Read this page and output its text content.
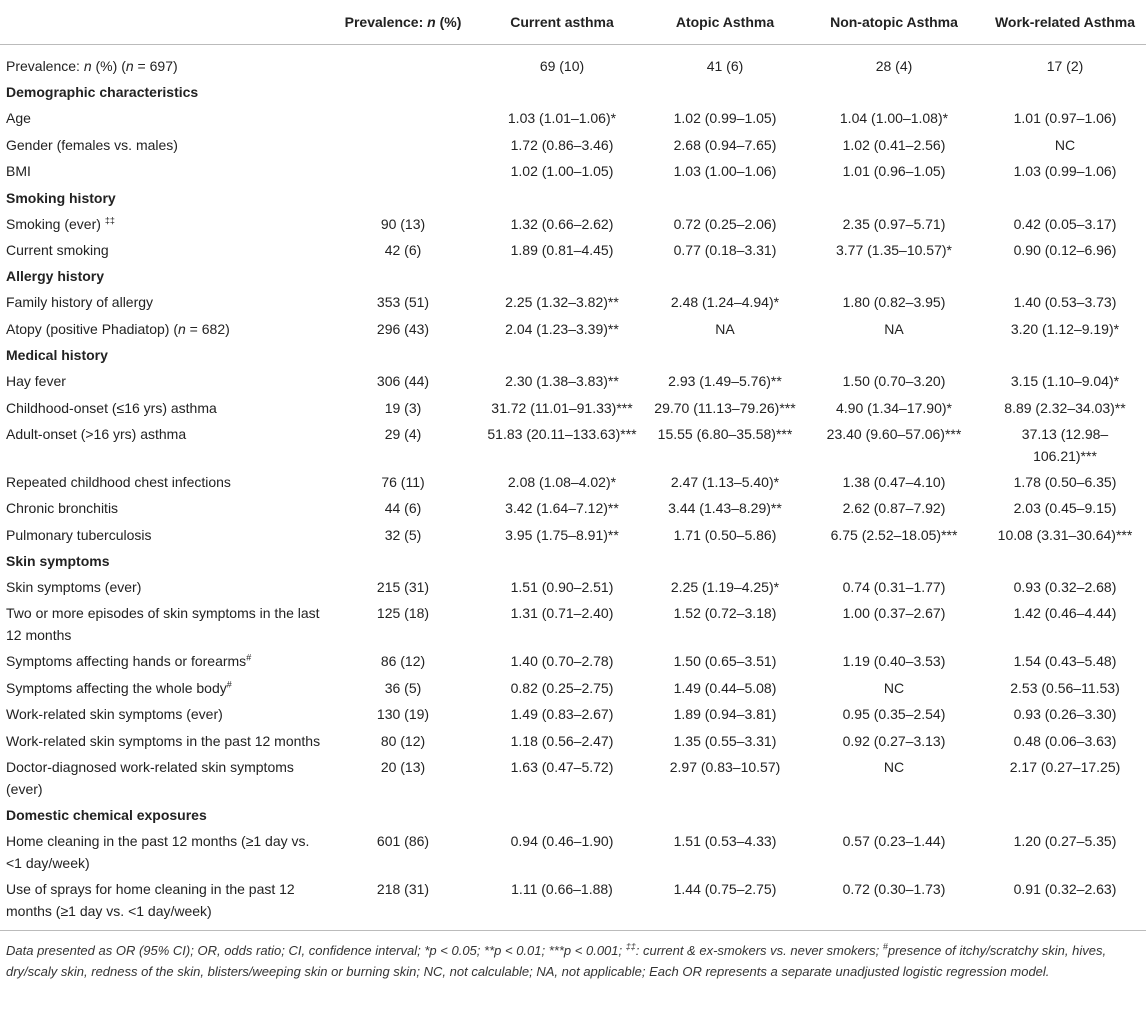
	Prevalence: n (%)	Current asthma	Atopic Asthma	Non-atopic Asthma	Work-related Asthma
Prevalence: n (%) (n = 697)		69 (10)	41 (6)	28 (4)	17 (2)
Demographic characteristics					
Age		1.03 (1.01–1.06)*	1.02 (0.99–1.05)	1.04 (1.00–1.08)*	1.01 (0.97–1.06)
Gender (females vs. males)		1.72 (0.86–3.46)	2.68 (0.94–7.65)	1.02 (0.41–2.56)	NC
BMI		1.02 (1.00–1.05)	1.03 (1.00–1.06)	1.01 (0.96–1.05)	1.03 (0.99–1.06)
Smoking history					
Smoking (ever) ‡‡	90 (13)	1.32 (0.66–2.62)	0.72 (0.25–2.06)	2.35 (0.97–5.71)	0.42 (0.05–3.17)
Current smoking	42 (6)	1.89 (0.81–4.45)	0.77 (0.18–3.31)	3.77 (1.35–10.57)*	0.90 (0.12–6.96)
Allergy history					
Family history of allergy	353 (51)	2.25 (1.32–3.82)**	2.48 (1.24–4.94)*	1.80 (0.82–3.95)	1.40 (0.53–3.73)
Atopy (positive Phadiatop) (n = 682)	296 (43)	2.04 (1.23–3.39)**	NA	NA	3.20 (1.12–9.19)*
Medical history					
Hay fever	306 (44)	2.30 (1.38–3.83)**	2.93 (1.49–5.76)**	1.50 (0.70–3.20)	3.15 (1.10–9.04)*
Childhood-onset (≤16 yrs) asthma	19 (3)	31.72 (11.01–91.33)***	29.70 (11.13–79.26)***	4.90 (1.34–17.90)*	8.89 (2.32–34.03)**
Adult-onset (>16 yrs) asthma	29 (4)	51.83 (20.11–133.63)***	15.55 (6.80–35.58)***	23.40 (9.60–57.06)***	37.13 (12.98–106.21)***
Repeated childhood chest infections	76 (11)	2.08 (1.08–4.02)*	2.47 (1.13–5.40)*	1.38 (0.47–4.10)	1.78 (0.50–6.35)
Chronic bronchitis	44 (6)	3.42 (1.64–7.12)**	3.44 (1.43–8.29)**	2.62 (0.87–7.92)	2.03 (0.45–9.15)
Pulmonary tuberculosis	32 (5)	3.95 (1.75–8.91)**	1.71 (0.50–5.86)	6.75 (2.52–18.05)***	10.08 (3.31–30.64)***
Skin symptoms					
Skin symptoms (ever)	215 (31)	1.51 (0.90–2.51)	2.25 (1.19–4.25)*	0.74 (0.31–1.77)	0.93 (0.32–2.68)
Two or more episodes of skin symptoms in the last 12 months	125 (18)	1.31 (0.71–2.40)	1.52 (0.72–3.18)	1.00 (0.37–2.67)	1.42 (0.46–4.44)
Symptoms affecting hands or forearms#	86 (12)	1.40 (0.70–2.78)	1.50 (0.65–3.51)	1.19 (0.40–3.53)	1.54 (0.43–5.48)
Symptoms affecting the whole body#	36 (5)	0.82 (0.25–2.75)	1.49 (0.44–5.08)	NC	2.53 (0.56–11.53)
Work-related skin symptoms (ever)	130 (19)	1.49 (0.83–2.67)	1.89 (0.94–3.81)	0.95 (0.35–2.54)	0.93 (0.26–3.30)
Work-related skin symptoms in the past 12 months	80 (12)	1.18 (0.56–2.47)	1.35 (0.55–3.31)	0.92 (0.27–3.13)	0.48 (0.06–3.63)
Doctor-diagnosed work-related skin symptoms (ever)	20 (13)	1.63 (0.47–5.72)	2.97 (0.83–10.57)	NC	2.17 (0.27–17.25)
Domestic chemical exposures					
Home cleaning in the past 12 months (≥1 day vs. <1 day/week)	601 (86)	0.94 (0.46–1.90)	1.51 (0.53–4.33)	0.57 (0.23–1.44)	1.20 (0.27–5.35)
Use of sprays for home cleaning in the past 12 months (≥1 day vs. <1 day/week)	218 (31)	1.11 (0.66–1.88)	1.44 (0.75–2.75)	0.72 (0.30–1.73)	0.91 (0.32–2.63)
Data presented as OR (95% CI); OR, odds ratio; CI, confidence interval; *p < 0.05; **p < 0.01; ***p < 0.001; ‡‡: current & ex-smokers vs. never smokers; #presence of itchy/scratchy skin, hives, dry/scaly skin, redness of the skin, blisters/weeping skin or burning skin; NC, not calculable; NA, not applicable; Each OR represents a separate unadjusted logistic regression model.
